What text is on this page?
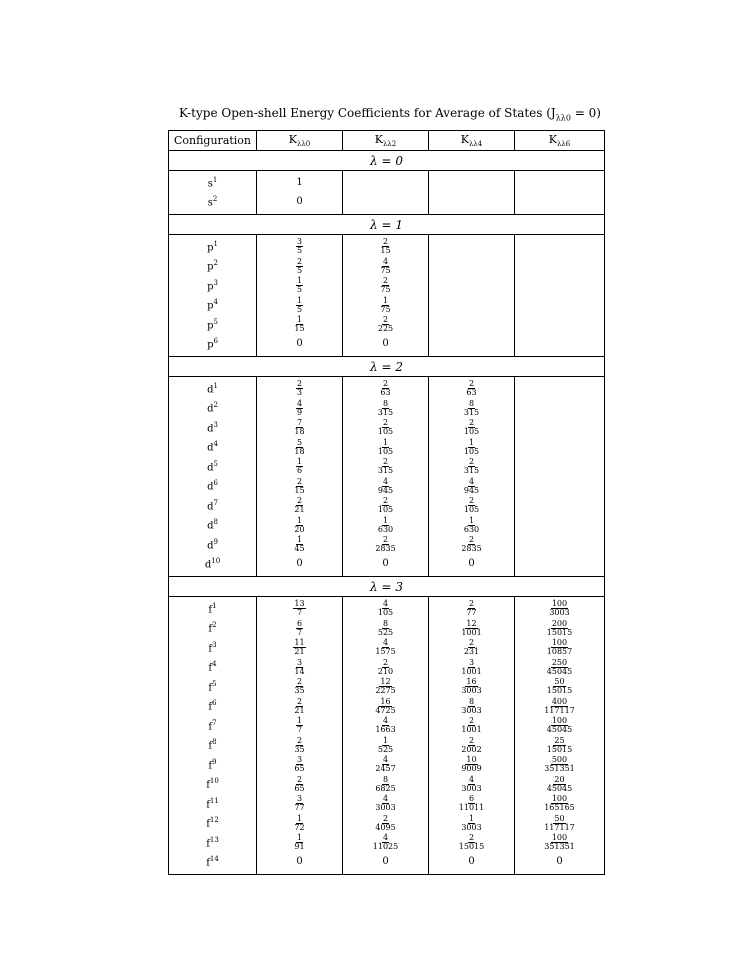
K-type Open-shell Energy Coefficients for Average of States $(J_{\lambda\lambda 0} = 0)$
Configuration	$K_{\lambda\lambda 0}$	$K_{\lambda\lambda 2}$	$K_{\lambda\lambda 4}$	$K_{\lambda\lambda 6}$
λ = 0				
$s^1$	1			
$s^2$	0			
λ = 1				
$p^1$	$\frac{3}{5}$	$\frac{2}{15}$

$p^2$	$\frac{2}{5}$	$\frac{4}{75}$

$p^3$	$\frac{1}{5}$	$\frac{2}{75}$

$p^4$	$\frac{1}{5}$	$\frac{1}{75}$

$p^5$	$\frac{1}{15}$	$\frac{2}{225}$

$p^6$	0	0		
λ = 2				
$d^1$	$\frac{2}{3}$	$\frac{2}{63}$	$\frac{2}{63}$

$d^2$	$\frac{4}{9}$	$\frac{8}{315}$	$\frac{8}{315}$

$d^3$	$\frac{7}{18}$	$\frac{2}{105}$	$\frac{2}{105}$

$d^4$	$\frac{5}{18}$	$\frac{1}{105}$	$\frac{1}{105}$

$d^5$	$\frac{1}{6}$	$\frac{2}{315}$	$\frac{2}{315}$

$d^6$	$\frac{2}{15}$	$\frac{4}{945}$	$\frac{4}{945}$

$d^7$	$\frac{2}{21}$	$\frac{2}{105}$	$\frac{2}{105}$

$d^8$	$\frac{1}{20}$	$\frac{1}{630}$	$\frac{1}{630}$

$d^9$	$\frac{1}{45}$	$\frac{2}{2835}$	$\frac{2}{2835}$

$d^{10}$	0	0	0	
λ = 3				
$f^1$	$\frac{13}{7}$	$\frac{4}{105}$	$\frac{2}{77}$	$\frac{100}{3003}$

$f^2$	$\frac{6}{7}$	$\frac{8}{525}$	$\frac{12}{1001}$	$\frac{200}{15015}$

$f^3$	$\frac{11}{21}$	$\frac{4}{1575}$	$\frac{2}{231}$	$\frac{100}{10857}$

$f^4$	$\frac{3}{14}$	$\frac{2}{210}$	$\frac{3}{1001}$	$\frac{250}{45045}$

$f^5$	$\frac{2}{35}$	$\frac{12}{2275}$	$\frac{16}{3003}$	$\frac{50}{15015}$

$f^6$	$\frac{2}{21}$	$\frac{16}{4725}$	$\frac{8}{3003}$	$\frac{400}{117117}$

$f^7$	$\frac{1}{7}$	$\frac{4}{1663}$	$\frac{2}{1001}$	$\frac{100}{45045}$

$f^8$	$\frac{2}{35}$	$\frac{1}{525}$	$\frac{2}{2002}$	$\frac{25}{15015}$

$f^9$	$\frac{3}{65}$	$\frac{4}{2457}$	$\frac{10}{9009}$	$\frac{500}{351351}$

$f^{10}$	$\frac{2}{65}$	$\frac{8}{6825}$	$\frac{4}{3003}$	$\frac{20}{45045}$

$f^{11}$	$\frac{3}{77}$	$\frac{4}{3003}$	$\frac{6}{11011}$	$\frac{100}{165165}$

$f^{12}$	$\frac{1}{72}$	$\frac{2}{4095}$	$\frac{1}{3003}$	$\frac{50}{117117}$

$f^{13}$	$\frac{1}{91}$	$\frac{4}{11025}$	$\frac{2}{15015}$	$\frac{100}{351351}$

$f^{14}$	0	0	0	0
